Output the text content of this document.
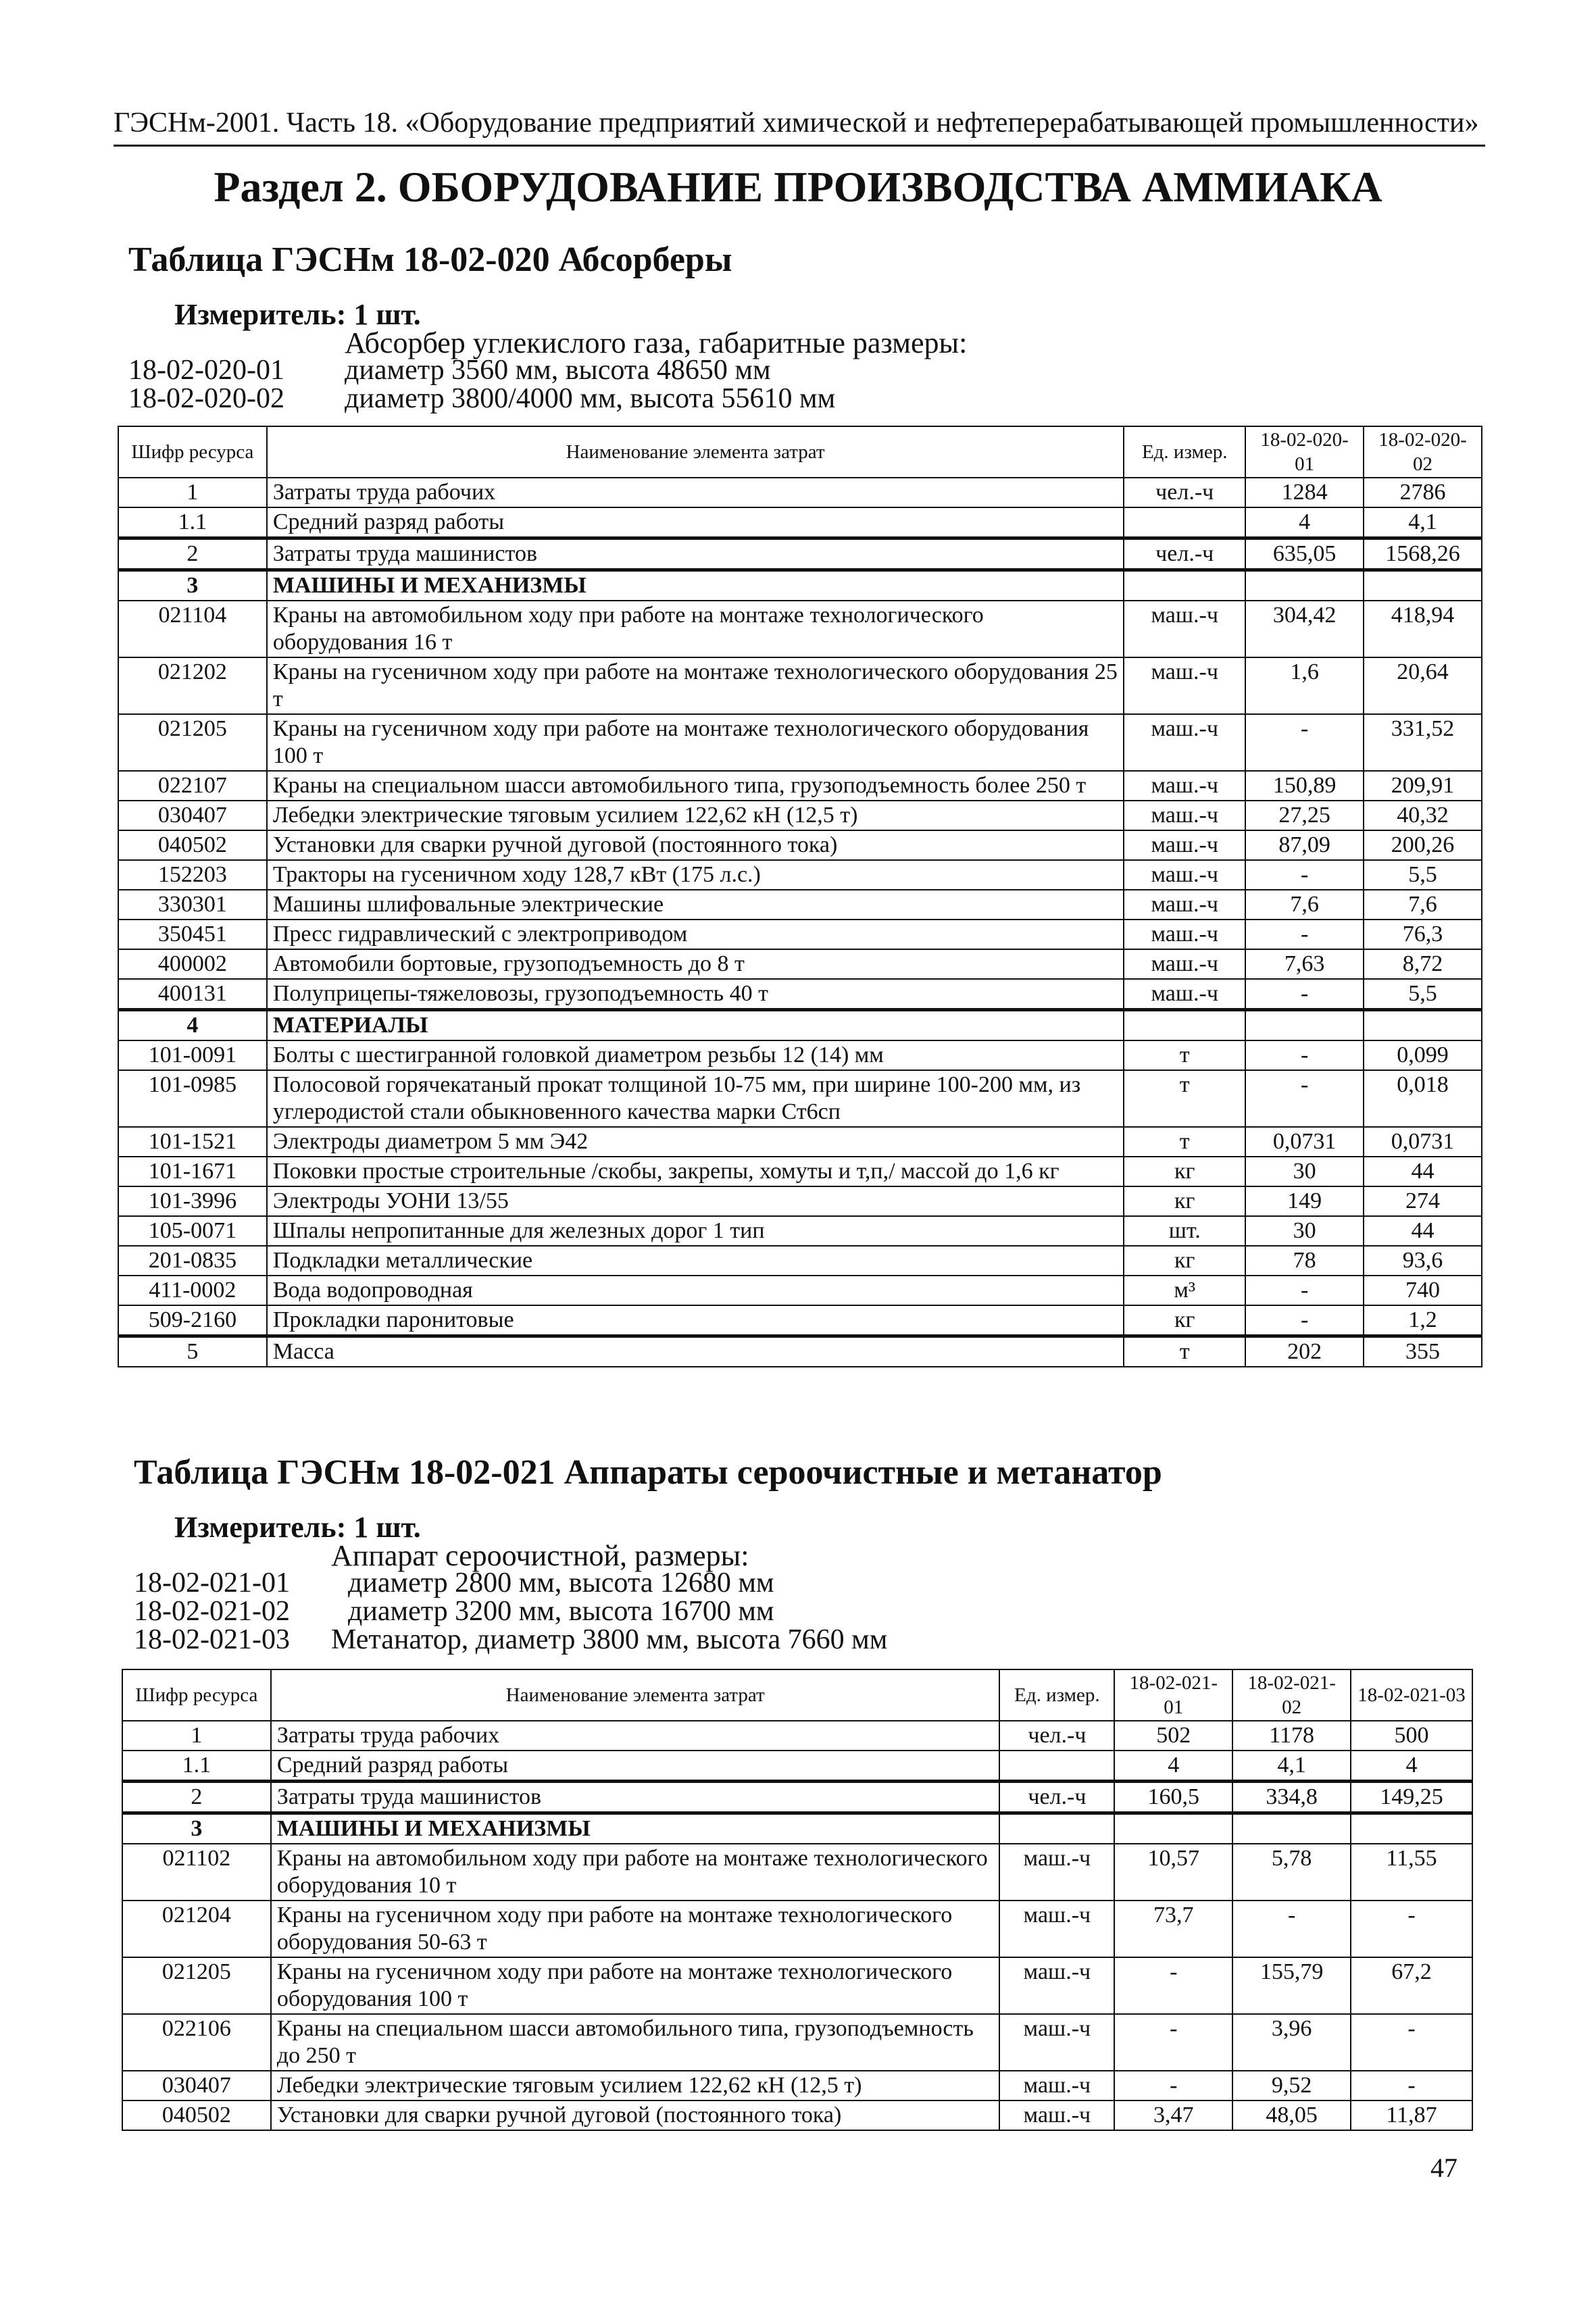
ГЭСНм-2001. Часть 18. «Оборудование предприятий химической и нефтеперерабатывающей промышленности»
Раздел 2. ОБОРУДОВАНИЕ ПРОИЗВОДСТВА АММИАКА
Таблица ГЭСНм 18-02-020 Абсорберы
Измеритель: 1 шт.
Абсорбер углекислого газа, габаритные размеры:
18-02-020-01 диаметр 3560 мм, высота 48650 мм
18-02-020-02 диаметр 3800/4000 мм, высота 55610 мм
Шифр ресурса	Наименование элемента затрат	Ед. измер.	18-02-020-01	18-02-020-02
1	Затраты труда рабочих	чел.-ч	1284	2786
1.1	Средний разряд работы		4	4,1
2	Затраты труда машинистов	чел.-ч	635,05	1568,26
3	МАШИНЫ И МЕХАНИЗМЫ			
021104	Краны на автомобильном ходу при работе на монтаже технологического оборудования 16 т	маш.-ч	304,42	418,94
021202	Краны на гусеничном ходу при работе на монтаже технологического оборудования 25 т	маш.-ч	1,6	20,64
021205	Краны на гусеничном ходу при работе на монтаже технологического оборудования 100 т	маш.-ч	-	331,52
022107	Краны на специальном шасси автомобильного типа, грузоподъемность более 250 т	маш.-ч	150,89	209,91
030407	Лебедки электрические тяговым усилием 122,62 кН (12,5 т)	маш.-ч	27,25	40,32
040502	Установки для сварки ручной дуговой (постоянного тока)	маш.-ч	87,09	200,26
152203	Тракторы на гусеничном ходу 128,7 кВт (175 л.с.)	маш.-ч	-	5,5
330301	Машины шлифовальные электрические	маш.-ч	7,6	7,6
350451	Пресс гидравлический с электроприводом	маш.-ч	-	76,3
400002	Автомобили бортовые, грузоподъемность до 8 т	маш.-ч	7,63	8,72
400131	Полуприцепы-тяжеловозы, грузоподъемность 40 т	маш.-ч	-	5,5
4	МАТЕРИАЛЫ			
101-0091	Болты с шестигранной головкой диаметром резьбы 12 (14) мм	т	-	0,099
101-0985	Полосовой горячекатаный прокат толщиной 10-75 мм, при ширине 100-200 мм, из углеродистой стали обыкновенного качества марки Ст6сп	т	-	0,018
101-1521	Электроды диаметром 5 мм Э42	т	0,0731	0,0731
101-1671	Поковки простые строительные /скобы, закрепы, хомуты и т,п,/ массой до 1,6 кг	кг	30	44
101-3996	Электроды УОНИ 13/55	кг	149	274
105-0071	Шпалы непропитанные для железных дорог 1 тип	шт.	30	44
201-0835	Подкладки металлические	кг	78	93,6
411-0002	Вода водопроводная	м³	-	740
509-2160	Прокладки паронитовые	кг	-	1,2
5	Масса	т	202	355
Таблица ГЭСНм 18-02-021 Аппараты сероочистные и метанатор
Измеритель: 1 шт.
Аппарат сероочистной, размеры:
18-02-021-01 диаметр 2800 мм, высота 12680 мм
18-02-021-02 диаметр 3200 мм, высота 16700 мм
18-02-021-03 Метанатор, диаметр 3800 мм, высота 7660 мм
Шифр ресурса	Наименование элемента затрат	Ед. измер.	18-02-021-01	18-02-021-02	18-02-021-03
1	Затраты труда рабочих	чел.-ч	502	1178	500
1.1	Средний разряд работы		4	4,1	4
2	Затраты труда машинистов	чел.-ч	160,5	334,8	149,25
3	МАШИНЫ И МЕХАНИЗМЫ				
021102	Краны на автомобильном ходу при работе на монтаже технологического оборудования 10 т	маш.-ч	10,57	5,78	11,55
021204	Краны на гусеничном ходу при работе на монтаже технологического оборудования 50-63 т	маш.-ч	73,7	-	-
021205	Краны на гусеничном ходу при работе на монтаже технологического оборудования 100 т	маш.-ч	-	155,79	67,2
022106	Краны на специальном шасси автомобильного типа, грузоподъемность до 250 т	маш.-ч	-	3,96	-
030407	Лебедки электрические тяговым усилием 122,62 кН (12,5 т)	маш.-ч	-	9,52	-
040502	Установки для сварки ручной дуговой (постоянного тока)	маш.-ч	3,47	48,05	11,87
47
